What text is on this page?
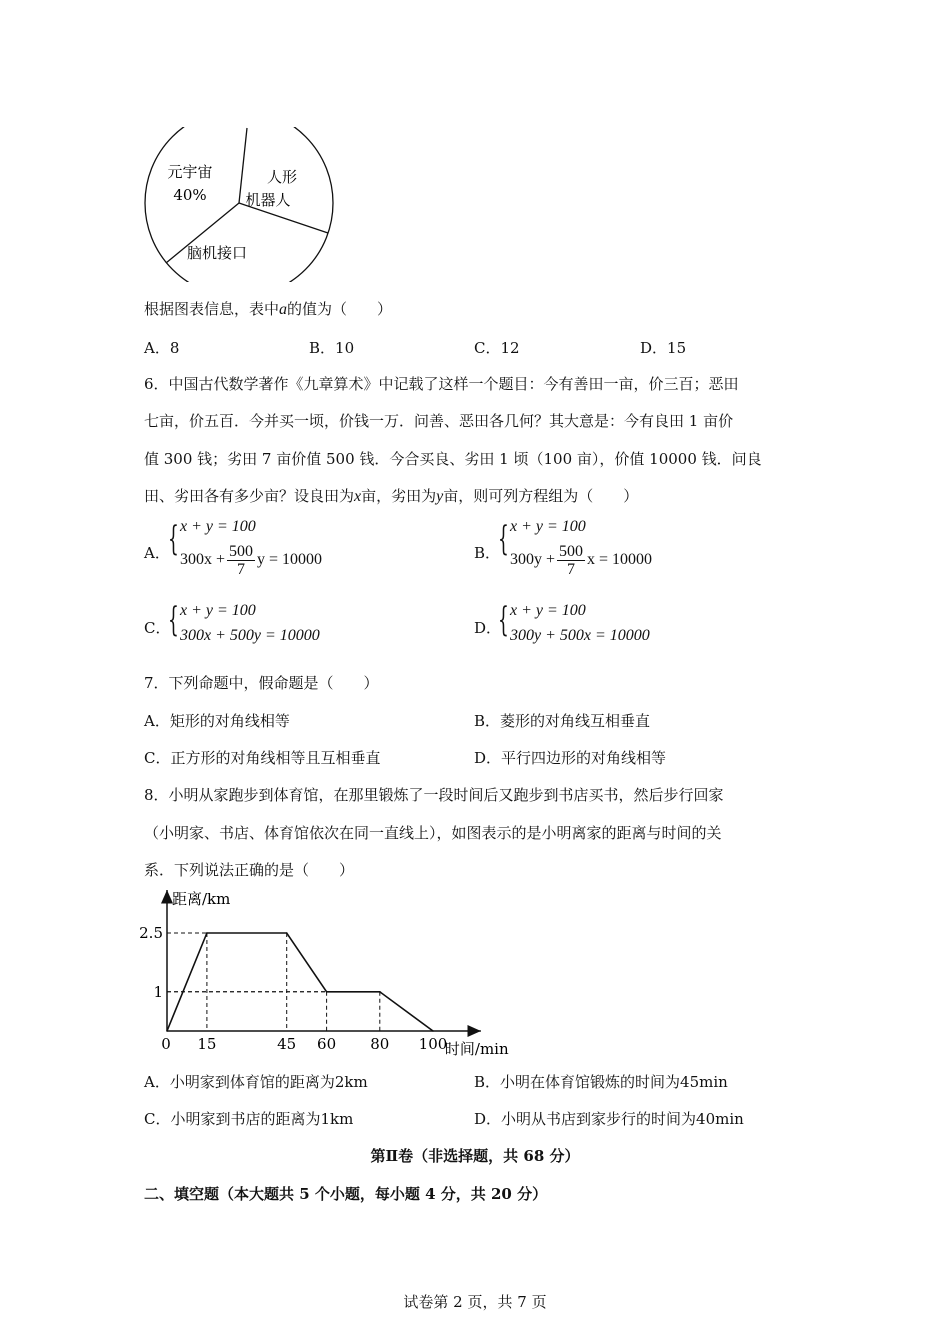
元宇宙
40%
人形
机器人
脑机接口
根据图表信息，表中a的值为（　　）
A．8	B．10	C．12	D．15
6．中国古代数学著作《九章算术》中记载了这样一个题目：今有善田一亩，价三百；恶田
七亩，价五百．今并买一顷，价钱一万．问善、恶田各几何？其大意是：今有良田 1 亩价
值 300 钱；劣田 7 亩价值 500 钱．今合买良、劣田 1 顷（100 亩），价值 10000 钱．问良
田、劣田各有多少亩？设良田为x亩，劣田为y亩，则可列方程组为（　　）
A．
{ x + y = 100
$300x + \frac{500}{7}$ y = 10000	B．
{ x + y = 100
$300y + \frac{500}{7}$ x = 10000
C．
{ x + y = 100
300x + 500y = 10000	D．
{ x + y = 100
300y + 500x = 10000
7．下列命题中，假命题是（　　）
A．矩形的对角线相等	B．菱形的对角线互相垂直
C．正方形的对角线相等且互相垂直	D．平行四边形的对角线相等
8．小明从家跑步到体育馆，在那里锻炼了一段时间后又跑步到书店买书，然后步行回家
（小明家、书店、体育馆依次在同一直线上），如图表示的是小明离家的距离与时间的关
系．下列说法正确的是（　　）
距离/km
时间/min
0 15	45 60 80 100
2.5
1
A．小明家到体育馆的距离为2km	B．小明在体育馆锻炼的时间为45min
C．小明家到书店的距离为1km	D．小明从书店到家步行的时间为40min
第Ⅱ卷（非选择题，共 68 分）
二、填空题（本大题共 5 个小题，每小题 4 分，共 20 分）
试卷第 2 页，共 7 页
